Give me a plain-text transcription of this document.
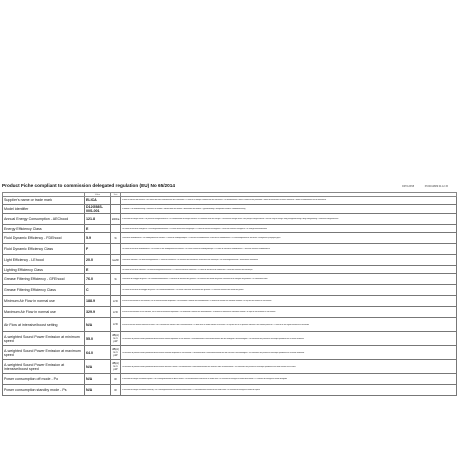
Product Fiche compliant to commission delegated regulation (EU) No 65/2014	DRY12K58	PCI0012889 04.12.15
	Value	Unit	
Supplier's name or trade mark	ELICA		Il nome o marchio del fornitore / Der Name oder das Warenzeichen des Lieferanten / Le nom ou la marque commerciale du fournisseur / La denominación o marca comercial del proveedor / Nome do fornecedor ou marca comercial / Naam of handelsmerk van de leverancier

Model identifier	D12G58S-00S-001		Il modello / Die Modellkennung / Référence du modèle / Identificador del modelo / Identificador do modelo / Typeaanduiding / Identyfikator modelu / Modellbeteckning

Annual Energy Consumption - AEChood	121.8	kWh/a	Il consumo di energia annuo / Der jährliche Energieverbrauch / La consommation d'énergie annuelle / El consumo anual de energía / Consumo de energia anual / Het jaarlijks energieverbruik / Roczne zużycie energii / Årlig energiförbrukning / Årligt energiforbrug / Vuotuinen energiankulutus

Energy Efficiency Class	E		La classe di efficienza energetica / Die Energieeffizienzklasse / La classe d'efficacité énergétique / La clase de eficiencia energética / Classe de eficiência energética / De energie-efficiëntieklasse

Fluid Dynamic Efficiency - FDEhood	5.9	%	L'efficienza fluidodinamica / Die fluiddynamische Effizienz / L'efficacité fluidodynamique / La eficiencia fluidodinámica / A eficiência fluidodinâmica / De vloeistofdynamische efficiëntie / Efektywność przepływu płynu

Fluid Dynamic Efficiency Class	F		La classe di efficienza fluidodinamica / Die Klasse für die fluiddynamische Effizienz / La classe d'efficacité fluidodynamique / La clase de eficiencia fluidodinámica / Classe de eficiência fluidodinâmica

Light Efficiency - LEhood	20.0	lux/W	L'efficienza luminosa / Die Beleuchtungseffizienz / L'efficacité lumineuse / La eficiencia de iluminación / A eficiência de iluminação / De verlichtingsefficiëntie / Skuteczność oświetlenia

Lighting Efficiency Class	E		La classe di efficienza luminosa / Die Beleuchtungseffizienzklasse / La classe d'efficacité lumineuse / La clase de eficiencia de iluminación / Classe de eficiência de iluminação

Grease Filtering Efficiency - GFEhood	76.0	%	L'efficienza di filtraggio dei grassi / Die Fettabscheideeffizienz / L'efficacité de filtration des graisses / La eficiencia de filtrado de grasas / A eficiência de filtragem de gorduras / De vetfilterefficiëntie

Grease Filtering Efficiency Class	C		La classe di efficienza di filtraggio dei grassi / Die Fettabscheideklasse / La classe d'efficacité de filtration des graisses / La clase de eficiencia de filtrado de grasas

Minimum Air Flow in normal use	188.9	m³/h	Il flusso d'aria minimo in uso normale, con la velocità minima disponibile / Der minimale Luftstrom bei Normalbetrieb / Le débit d'air minimal en utilisation normale / El flujo de aire mínimo en uso normal

Maximum Air Flow in normal use	329.9	m³/h	Il flusso d'aria massimo in uso normale, con la velocità massima disponibile / Der maximale Luftstrom bei Normalbetrieb / Le débit d'air maximal en utilisation normale / El flujo de aire máximo en uso normal

Air Flow at intensive/boost setting	N/A	m³/h	Il flusso d'aria alla velocità intensiva o boost / Der Luftstrom bei Intensiv- oder Schnelllaufstufe / Le débit d'air en mode intensif ou accéléré / El flujo de aire en la posición intensiva o de máxima potencia / O fluxo de ar em regime intensivo ou acelerado

A-weighted Sound Power Emission at minimum speed	55.0	dB(A) re 1 pW	Le emissioni di potenza sonora ponderata A alla velocità minima disponibile in uso normale / Die A-bewerteten Luftschallemissionen bei der niedrigsten Geschwindigkeit / Les émissions de puissance acoustique pondérée A à la vitesse minimale

A-weighted Sound Power Emission at maximum speed	64.0	dB(A) re 1 pW	Le emissioni di potenza sonora ponderata A alla velocità massima disponibile in uso normale / Die A-bewerteten Luftschallemissionen bei der höchsten Geschwindigkeit / Les émissions de puissance acoustique pondérée A à la vitesse maximale

A-weighted Sound Power Emission at intensive/boost speed	N/A	dB(A) re 1 pW	Le emissioni di potenza sonora ponderata A alla velocità intensiva o boost / Die A-bewerteten Luftschallemissionen bei Intensiv- oder Schnelllaufstufe / Les émissions de puissance acoustique pondérée A en mode intensif ou accéléré

Power consumption off mode - Po	N/A	W	Il consumo di energia in modalità spento / Die Leistungsaufnahme im Aus-Zustand / La consommation d'électricité en mode arrêt / El consumo de energía en modo desactivado / O consumo de energia em modo desligado

Power consumption standby mode - Ps	N/A	W	Il consumo di energia in modalità stand-by / Die Leistungsaufnahme im Bereitschaftszustand / La consommation d'électricité en mode veille / El consumo de energía en modo de espera
